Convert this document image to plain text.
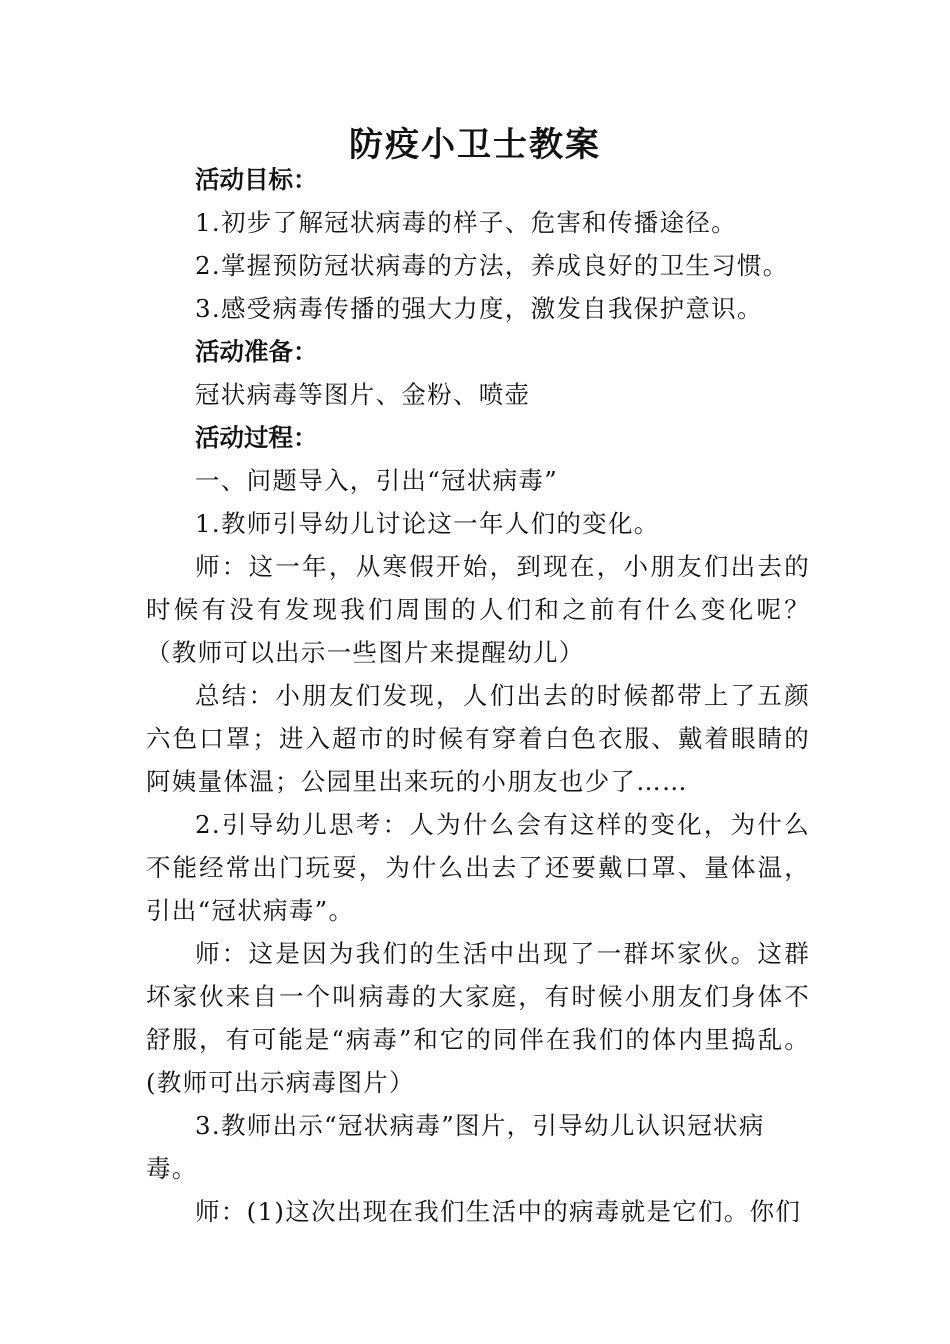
防疫小卫士教案

活动目标：

1.初步了解冠状病毒的样子、危害和传播途径。

2.掌握预防冠状病毒的方法，养成良好的卫生习惯。

3.感受病毒传播的强大力度，激发自我保护意识。

活动准备：

冠状病毒等图片、金粉、喷壶

活动过程：

一、问题导入，引出“冠状病毒”

1.教师引导幼儿讨论这一年人们的变化。

师：这一年，从寒假开始，到现在，小朋友们出去的时候有没有发现我们周围的人们和之前有什么变化呢？（教师可以出示一些图片来提醒幼儿）

总结：小朋友们发现，人们出去的时候都带上了五颜六色口罩；进入超市的时候有穿着白色衣服、戴着眼睛的阿姨量体温；公园里出来玩的小朋友也少了……

2.引导幼儿思考：人为什么会有这样的变化，为什么不能经常出门玩耍，为什么出去了还要戴口罩、量体温，引出“冠状病毒”。

师：这是因为我们的生活中出现了一群坏家伙。这群坏家伙来自一个叫病毒的大家庭，有时候小朋友们身体不舒服，有可能是“病毒”和它的同伴在我们的体内里捣乱。(教师可出示病毒图片）

3.教师出示“冠状病毒”图片，引导幼儿认识冠状病毒。

师：(1)这次出现在我们生活中的病毒就是它们。你们
